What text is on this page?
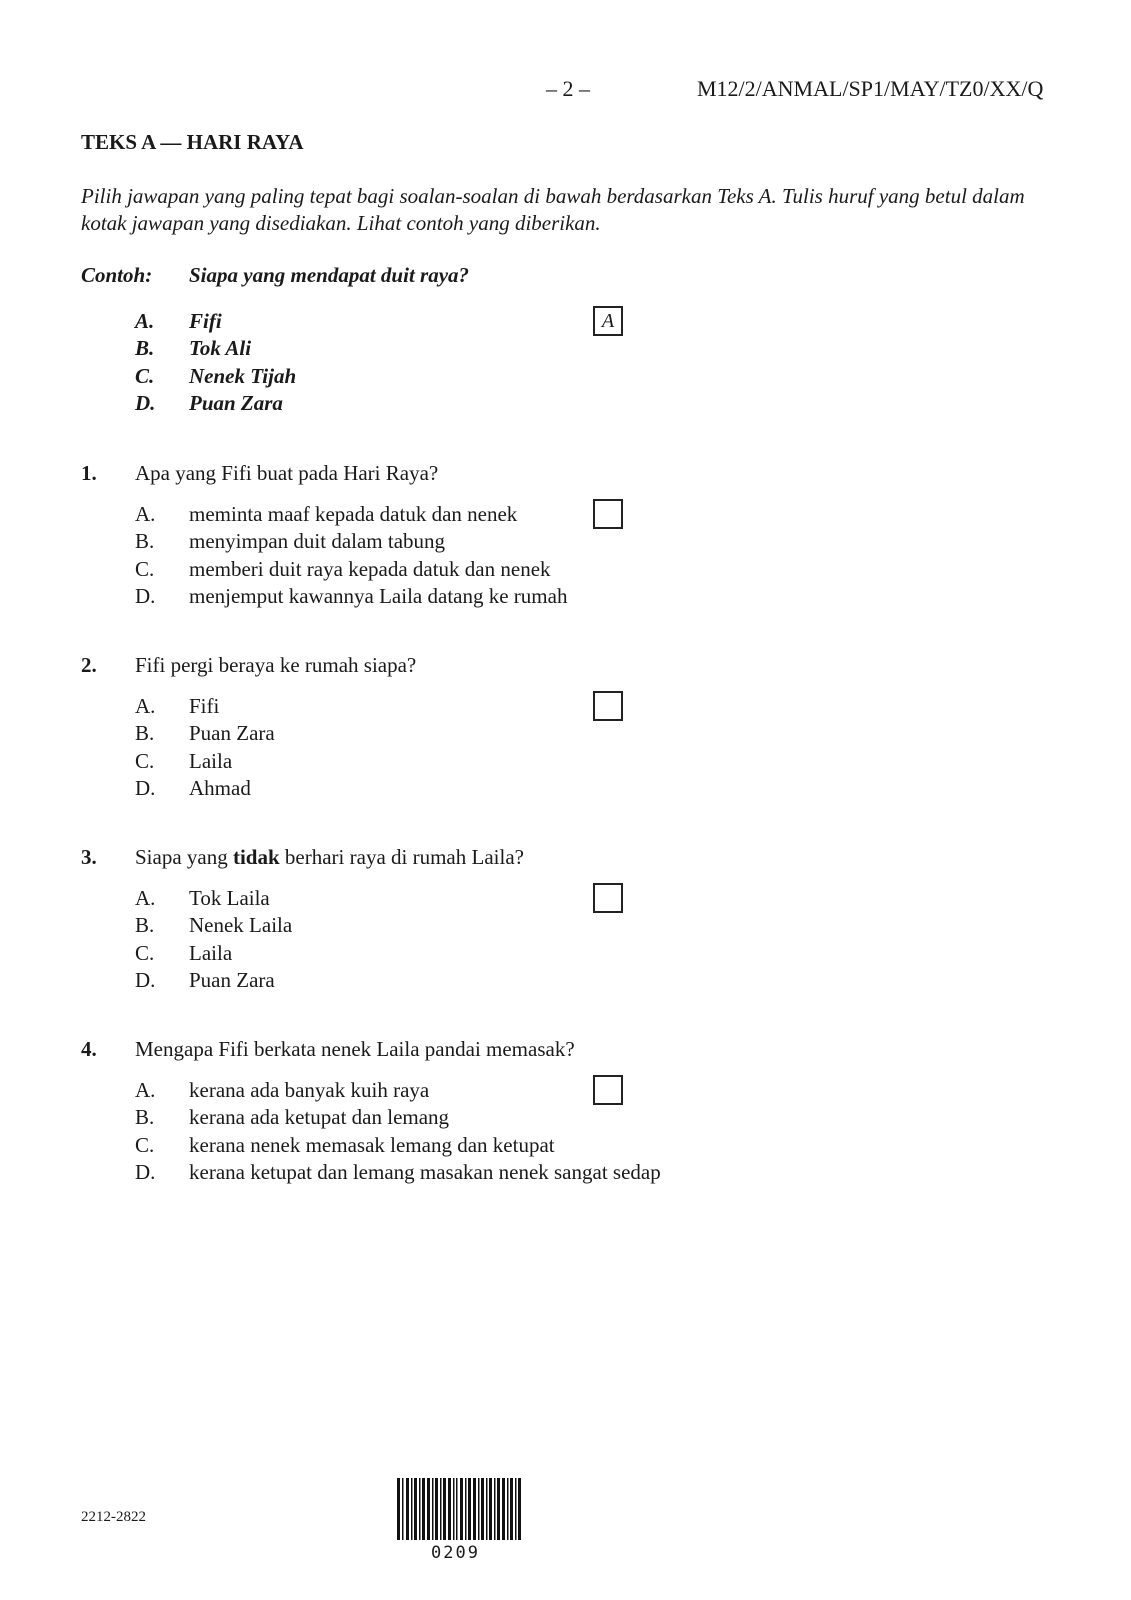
– 2 –	M12/2/ANMAL/SP1/MAY/TZ0/XX/Q
TEKS A — HARI RAYA
Pilih jawapan yang paling tepat bagi soalan-soalan di bawah berdasarkan Teks A. Tulis huruf yang betul dalam kotak jawapan yang disediakan. Lihat contoh yang diberikan.
Contoh: Siapa yang mendapat duit raya?
A.	Fifi
B.	Tok Ali
C.	Nenek Tijah
D.	Puan Zara
A
1. Apa yang Fifi buat pada Hari Raya?
A.	meminta maaf kepada datuk dan nenek
B.	menyimpan duit dalam tabung
C.	memberi duit raya kepada datuk dan nenek
D.	menjemput kawannya Laila datang ke rumah
2. Fifi pergi beraya ke rumah siapa?
A.	Fifi
B.	Puan Zara
C.	Laila
D.	Ahmad
3. Siapa yang tidak berhari raya di rumah Laila?
A.	Tok Laila
B.	Nenek Laila
C.	Laila
D.	Puan Zara
4. Mengapa Fifi berkata nenek Laila pandai memasak?
A.	kerana ada banyak kuih raya
B.	kerana ada ketupat dan lemang
C.	kerana nenek memasak lemang dan ketupat
D.	kerana ketupat dan lemang masakan nenek sangat sedap
2212-2822
0209
